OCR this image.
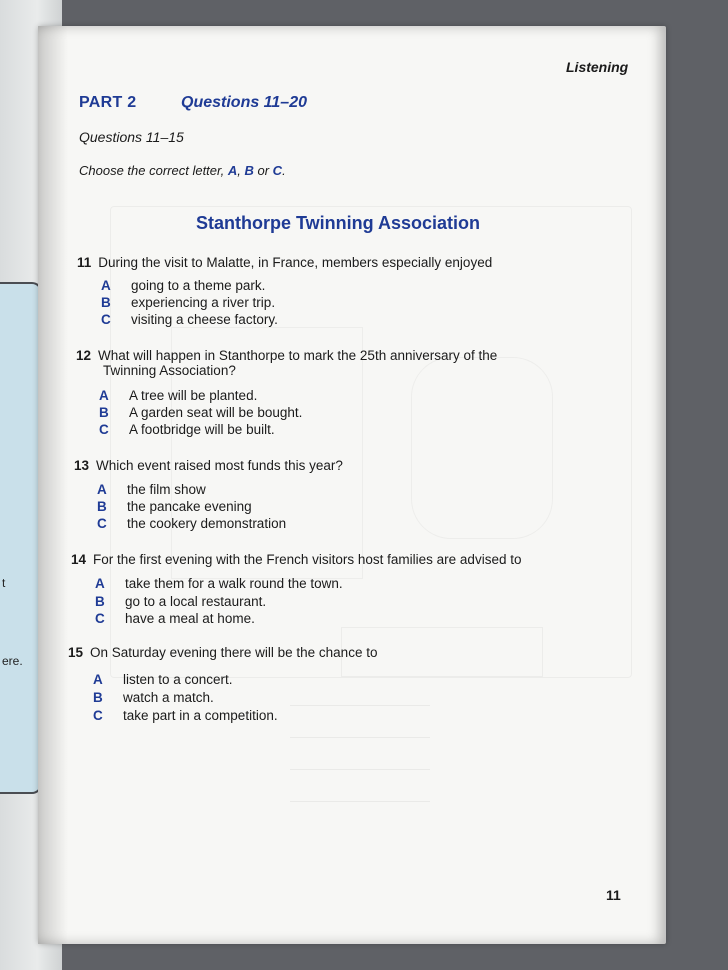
t
ere.
Listening
PART 2	Questions 11–20
Questions 11–15
Choose the correct letter, A, B or C.
Stanthorpe Twinning Association
11 During the visit to Malatte, in France, members especially enjoyed
A going to a theme park.
B experiencing a river trip.
C visiting a cheese factory.
12 What will happen in Stanthorpe to mark the 25th anniversary of the
Twinning Association?
A A tree will be planted.
B A garden seat will be bought.
C A footbridge will be built.
13 Which event raised most funds this year?
A the film show
B the pancake evening
C the cookery demonstration
14 For the first evening with the French visitors host families are advised to
A take them for a walk round the town.
B go to a local restaurant.
C have a meal at home.
15 On Saturday evening there will be the chance to
A listen to a concert.
B watch a match.
C take part in a competition.
11
